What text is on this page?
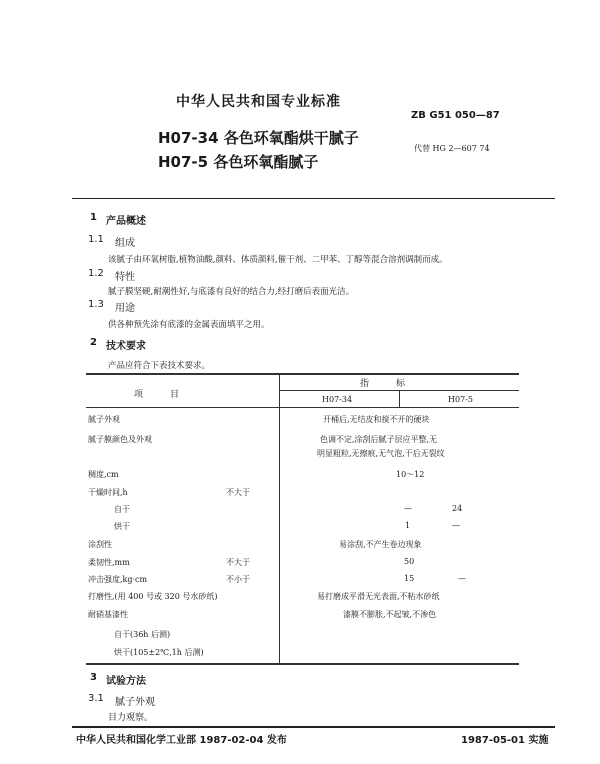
中华人民共和国专业标准
ZB G51 050—87
H07-34 各色环氧酯烘干腻子
H07-5 各色环氧酯腻子
代替 HG 2—607 74
1 产品概述
1.1 组成
该腻子由环氧树脂,植物油酸,颜料、体质颜料,催干剂、二甲苯、丁醇等混合溶剂调制而成。
1.2 特性
腻子膜坚硬,耐潮性好,与底漆有良好的结合力,经打磨后表面光洁。
1.3 用途
供各种预先涂有底漆的金属表面填平之用。
2 技术要求
产品应符合下表技术要求。
项　　　目
指　　　标
H07-34	H07-5
腻子外观	开桶后,无结皮和搅不开的硬块
腻子膜颜色及外观	色调不定,涂刮后腻子层应平整,无
明显粗粒,无擦痕,无气泡,干后无裂纹
稠度,cm	10～12
干燥时间,h	不大于
自干	—	24
烘干	1	—
涂刮性	易涂刮,不产生卷边现象
柔韧性,mm	不大于	50
冲击强度,kg·cm	不小于	15	—
打磨性,(用 400 号或 320 号水砂纸)	易打磨成平滑无光表面,不粘水砂纸
耐硝基漆性	漆膜不膨胀,不起皱,不渗色
自干(36h 后测)
烘干(105±2℃,1h 后测)
3 试验方法
3.1 腻子外观
目力观察。
中华人民共和国化学工业部 1987-02-04 发布	1987-05-01 实施
